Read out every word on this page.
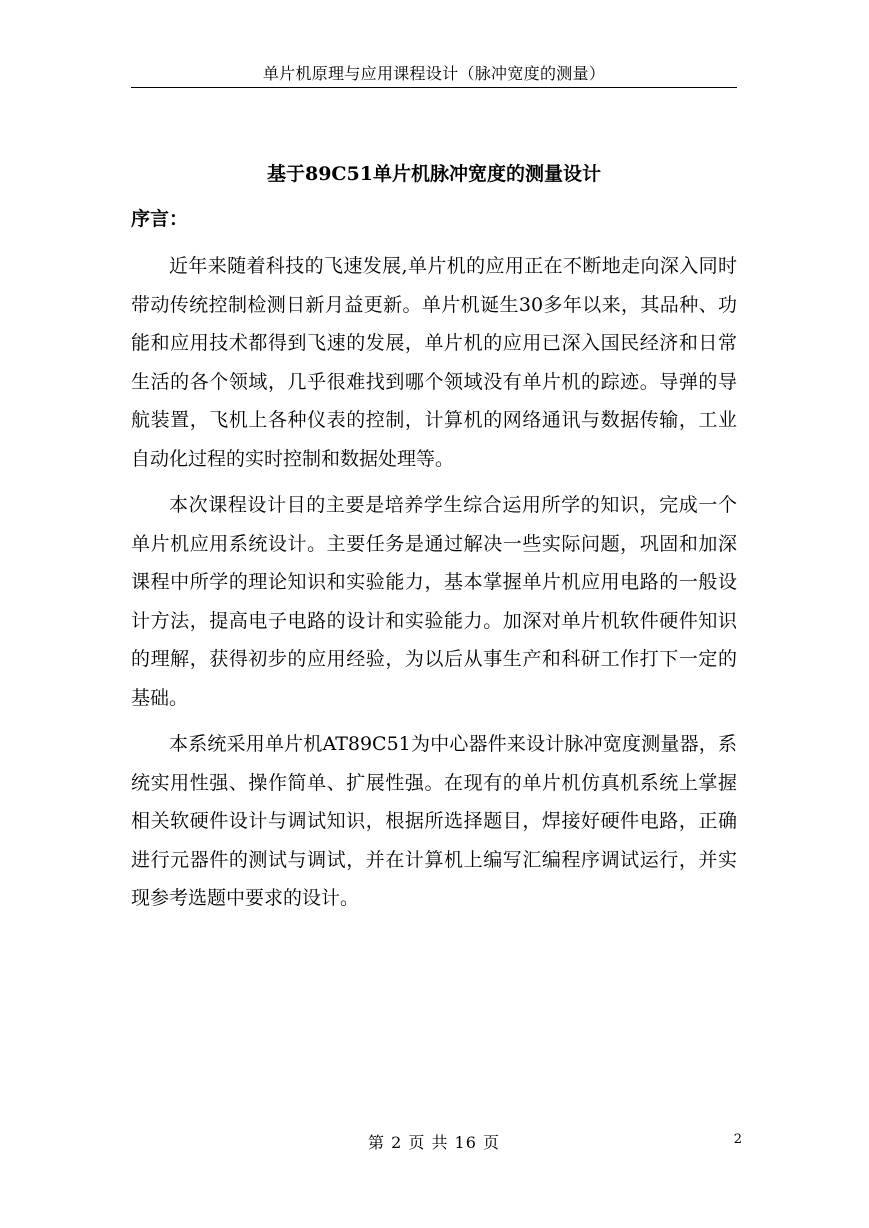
单片机原理与应用课程设计（脉冲宽度的测量）
基于89C51单片机脉冲宽度的测量设计
序言：

近年来随着科技的飞速发展,单片机的应用正在不断地走向深入同时带动传统控制检测日新月益更新。单片机诞生30多年以来，其品种、功能和应用技术都得到飞速的发展，单片机的应用已深入国民经济和日常生活的各个领域，几乎很难找到哪个领域没有单片机的踪迹。导弹的导航装置，飞机上各种仪表的控制，计算机的网络通讯与数据传输，工业自动化过程的实时控制和数据处理等。

本次课程设计目的主要是培养学生综合运用所学的知识，完成一个单片机应用系统设计。主要任务是通过解决一些实际问题，巩固和加深课程中所学的理论知识和实验能力，基本掌握单片机应用电路的一般设计方法，提高电子电路的设计和实验能力。加深对单片机软件硬件知识的理解，获得初步的应用经验，为以后从事生产和科研工作打下一定的基础。

本系统采用单片机AT89C51为中心器件来设计脉冲宽度测量器，系统实用性强、操作简单、扩展性强。在现有的单片机仿真机系统上掌握相关软硬件设计与调试知识，根据所选择题目，焊接好硬件电路，正确进行元器件的测试与调试，并在计算机上编写汇编程序调试运行，并实现参考选题中要求的设计。

第 2 页 共 16 页	2
